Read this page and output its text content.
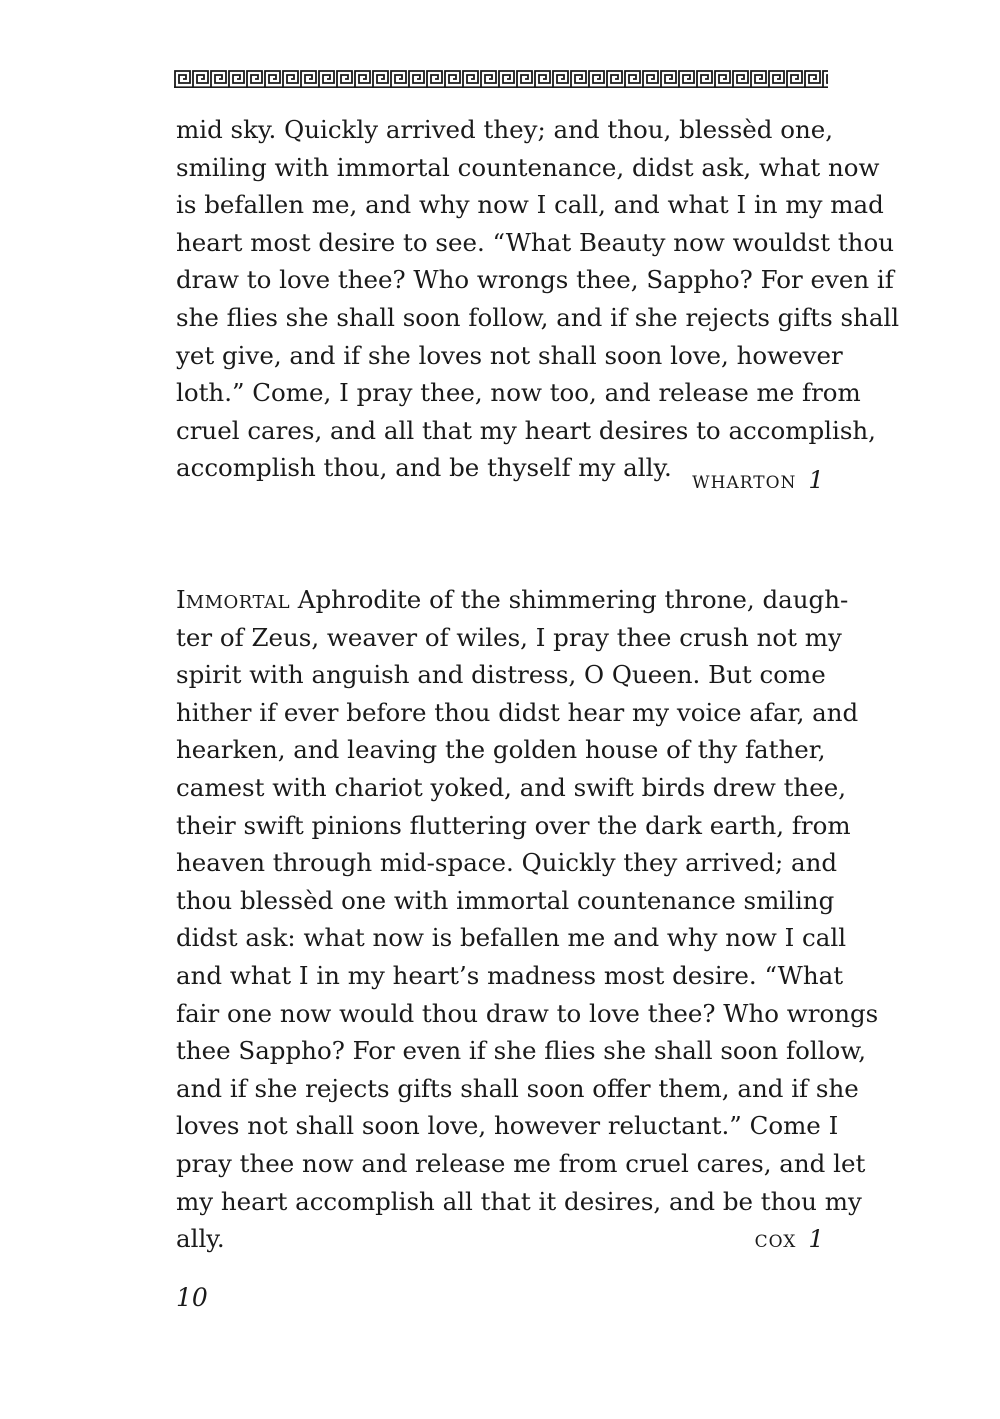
mid sky. Quickly arrived they; and thou, blessèd one,
smiling with immortal countenance, didst ask, what now
is befallen me, and why now I call, and what I in my mad
heart most desire to see. “What Beauty now wouldst thou
draw to love thee? Who wrongs thee, Sappho? For even if
she flies she shall soon follow, and if she rejects gifts shall
yet give, and if she loves not shall soon love, however
loth.” Come, I pray thee, now too, and release me from
cruel cares, and all that my heart desires to accomplish,
accomplish thou, and be thyself my ally.
WHARTON 1
IMMORTAL Aphrodite of the shimmering throne, daugh-
ter of Zeus, weaver of wiles, I pray thee crush not my
spirit with anguish and distress, O Queen. But come
hither if ever before thou didst hear my voice afar, and
hearken, and leaving the golden house of thy father,
camest with chariot yoked, and swift birds drew thee,
their swift pinions fluttering over the dark earth, from
heaven through mid-space. Quickly they arrived; and
thou blessèd one with immortal countenance smiling
didst ask: what now is befallen me and why now I call
and what I in my heart’s madness most desire. “What
fair one now would thou draw to love thee? Who wrongs
thee Sappho? For even if she flies she shall soon follow,
and if she rejects gifts shall soon offer them, and if she
loves not shall soon love, however reluctant.” Come I
pray thee now and release me from cruel cares, and let
my heart accomplish all that it desires, and be thou my
ally.	COX 1
10
